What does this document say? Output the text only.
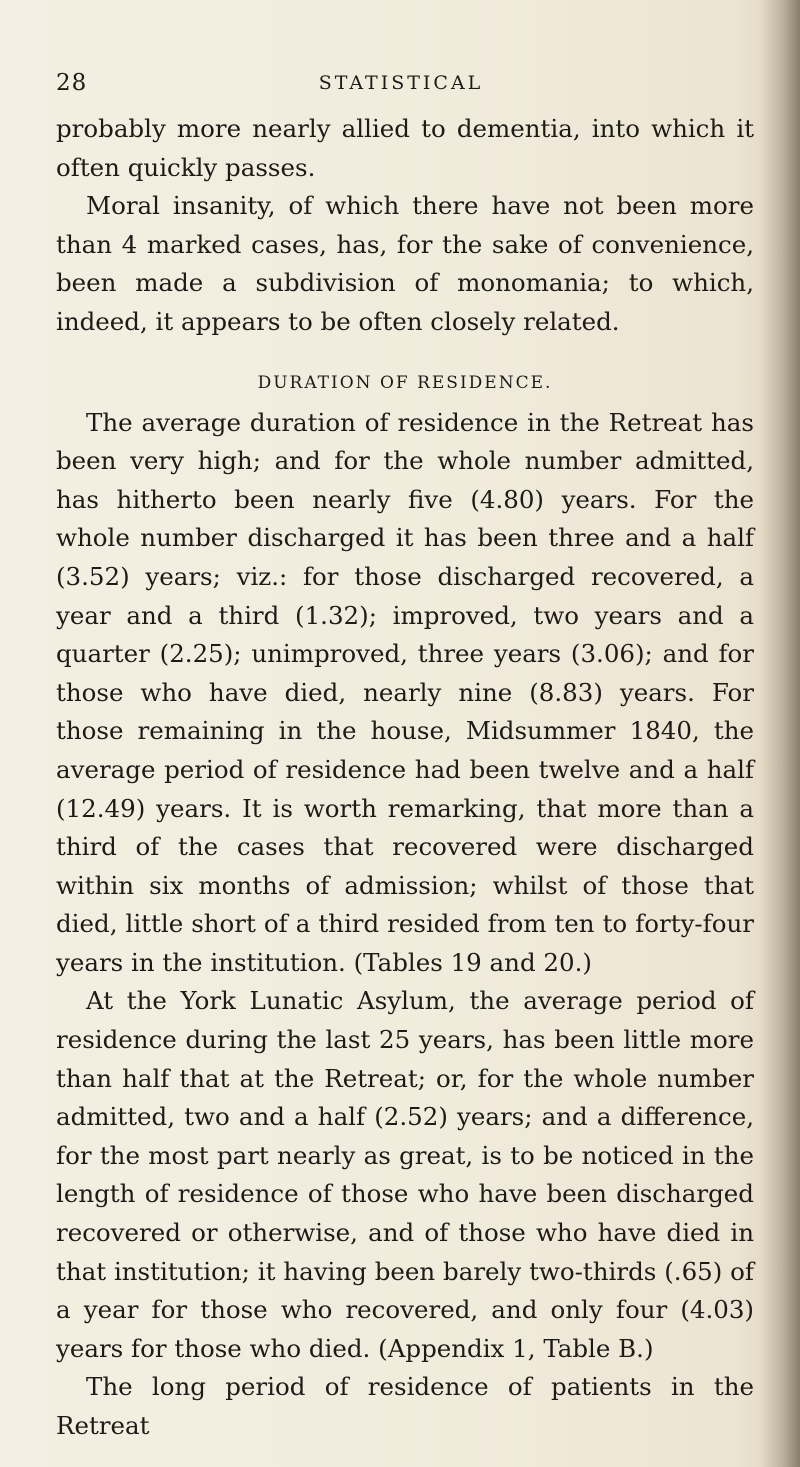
28	STATISTICAL

probably more nearly allied to dementia, into which it often quickly passes.

Moral insanity, of which there have not been more than 4 marked cases, has, for the sake of convenience, been made a subdivision of monomania; to which, indeed, it appears to be often closely related.

DURATION OF RESIDENCE.

The average duration of residence in the Retreat has been very high; and for the whole number admitted, has hitherto been nearly five (4.80) years. For the whole number discharged it has been three and a half (3.52) years; viz.: for those discharged recovered, a year and a third (1.32); improved, two years and a quarter (2.25); unimproved, three years (3.06); and for those who have died, nearly nine (8.83) years. For those remaining in the house, Midsummer 1840, the average period of residence had been twelve and a half (12.49) years. It is worth remarking, that more than a third of the cases that recovered were discharged within six months of admission; whilst of those that died, little short of a third resided from ten to forty-four years in the institution. (Tables 19 and 20.)

At the York Lunatic Asylum, the average period of residence during the last 25 years, has been little more than half that at the Retreat; or, for the whole number admitted, two and a half (2.52) years; and a difference, for the most part nearly as great, is to be noticed in the length of residence of those who have been discharged recovered or otherwise, and of those who have died in that institution; it having been barely two-thirds (.65) of a year for those who recovered, and only four (4.03) years for those who died. (Appendix 1, Table B.)

The long period of residence of patients in the Retreat
